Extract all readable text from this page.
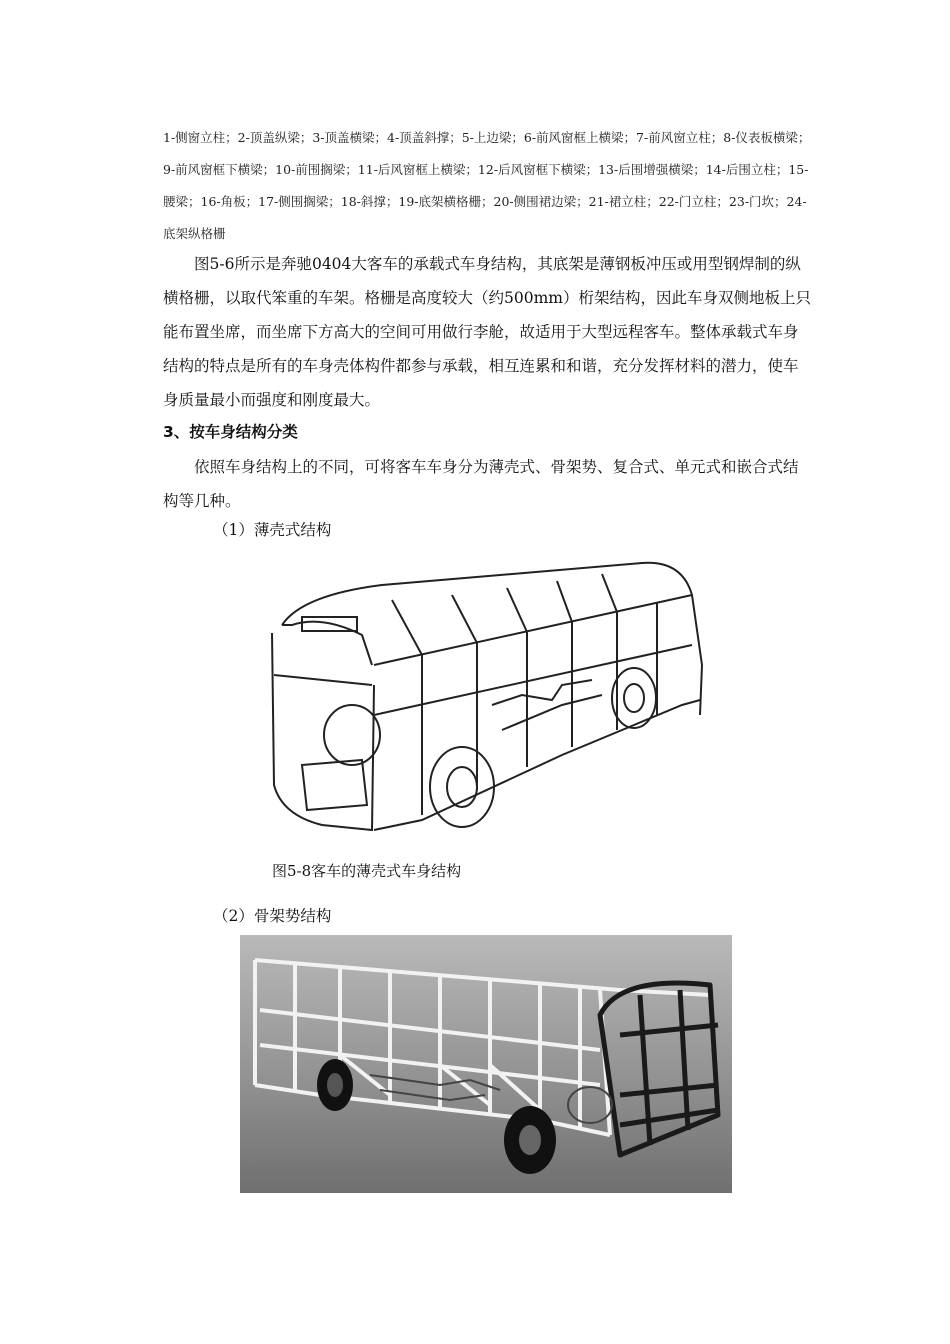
1-侧窗立柱；2-顶盖纵梁；3-顶盖横梁；4-顶盖斜撑；5-上边梁；6-前风窗框上横梁；7-前风窗立柱；8-仪表板横梁；9-前风窗框下横梁；10-前围搁梁；11-后风窗框上横梁；12-后风窗框下横梁；13-后围增强横梁；14-后围立柱；15-腰梁；16-角板；17-侧围搁梁；18-斜撑；19-底架横格栅；20-侧围裙边梁；21-裙立柱；22-门立柱；23-门坎；24-底架纵格栅
图5-6所示是奔驰0404大客车的承载式车身结构，其底架是薄钢板冲压或用型钢焊制的纵横格栅，以取代笨重的车架。格栅是高度较大（约500mm）桁架结构，因此车身双侧地板上只能布置坐席，而坐席下方高大的空间可用做行李舱，故适用于大型远程客车。整体承载式车身结构的特点是所有的车身壳体构件都参与承载，相互连累和和谐，充分发挥材料的潜力，使车身质量最小而强度和刚度最大。
3、按车身结构分类
依照车身结构上的不同，可将客车车身分为薄壳式、骨架势、复合式、单元式和嵌合式结构等几种。
（1）薄壳式结构
图5-8客车的薄壳式车身结构
（2）骨架势结构
